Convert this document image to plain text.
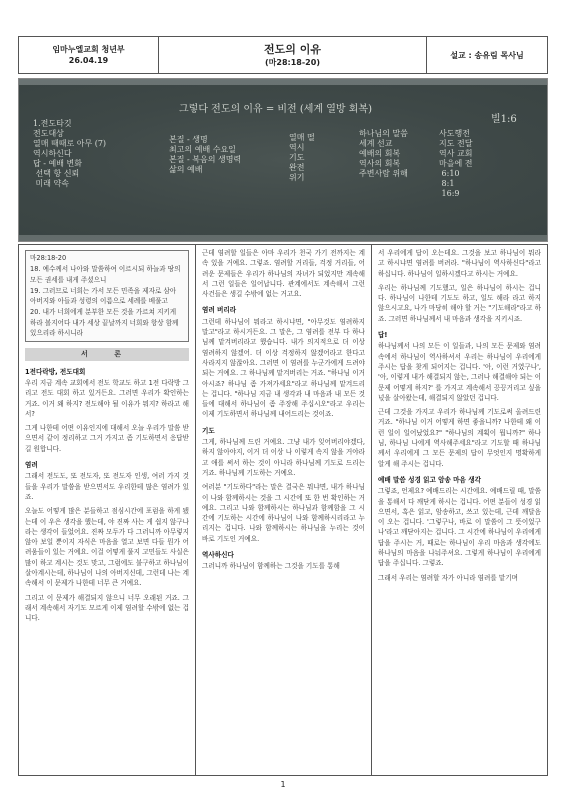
임마누엘교회 청년부
26.04.19
전도의 이유
(마28:18-20)
설교 : 송유림 목사님
그렇다 전도의 이유 = 비전 (세계 열방 회복)
1.전도타깃
전도대상
열매 때때로 아무 (7)
역시하신다
답 - 예배 변화
선택 항 신뢰
미래 약속
본질 - 생명
최고의 예배 수요일
본질 - 복음의 생명력
삶의 예배
열매 떨
역시
기도
완전
위기
하나님의 말씀
세계 선교
예배의 회복
역사의 회복
주변사람 위해
사도행전
지도 전달
역사 교회
마을에 전
6:10
8:1
16:9
빌1:6

마28:18-20

18. 예수께서 나아와 말씀하여 이르시되 하늘과 땅의 모든 권세를 내게 주셨으니

19. 그러므로 너희는 가서 모든 민족을 제자로 삼아 아버지와 아들과 성령의 이름으로 세례를 베풀고

20. 내가 너희에게 분부한 모든 것을 가르쳐 지키게 하라 볼지어다 내가 세상 끝날까지 너희와 항상 함께 있으리라 하시니라

서 론
1전다락방, 전도대회

우리 지금 계속 교회에서 전도 학교도 하고 1전 다락방 그리고 전도 대회 하고 있거든요. 그러면 우리가 확인하는 거죠. 이거 왜 하지? 전도해야 될 이유가 뭐지? 하라고 해서?

그게 나한테 어떤 이유인지에 대해서 오늘 우리가 말씀 받으면서 같이 정리하고 그거 가지고 좀 기도하면서 응답받길 원합니다.

염려

그래서 전도도, 또 전도자, 또 전도자 인생, 여러 가지 것들을 우리가 말씀을 받으면서도 우리한테 많은 염려가 있죠.

오늘도 어떻게 많은 분들하고 점심시간에 포럼을 하게 됐는데 이 우은 생각을 했는데, 야 진짜 사는 게 쉽지 않구나라는 생각이 들었어요. 진짜 모두가 다 그러니까 아무렇지 않아 보일 뿐이지 자식은 마음을 열고 보면 다들 뭔가 어려움들이 있는 거예요. 이걸 어떻게 풀지 고민들도 사실은 많이 하고 계시는 것도 맞고, 그럼에도 불구하고 하나님이 살아계시는데, 하나님이 나의 아버지신데, 그런데 나는 계속해서 이 문제가 나한테 너무 큰 거예요.

그리고 이 문제가 해결되지 않으니 너무 오래된 거죠. 그래서 계속해서 자기도 모르게 이제 염려할 수밖에 없는 겁니다.

근데 염려할 일들은 아마 우리가 천국 가기 전까지는 계속 있을 거예요. 그렇죠. 염려할 거리들, 걱정 거리들, 어려운 문제들은 우리가 하나님의 자녀가 되었지만 계속해서 그런 일들은 일어납니다. 관계에서도 계속해서 그런 사건들은 생길 수밖에 없는 거고요.

염려 버리라

그런데 하나님이 뭐라고 하시냐면, "아무것도 염려하지 말고"라고 하시거든요. 그 말은, 그 염려를 전부 다 하나님께 맡겨버리라고 했습니다. 내가 의지적으로 더 이상 염려하지 않겠어. 더 이상 걱정하지 않겠어라고 한다고 사라지지 않잖아요. 그러면 이 염려를 누군가에게 드려야 되는 거예요. 그 하나님께 맡겨버리는 거죠. "하나님 이거 아시죠? 하나님 좀 가져가세요"라고 하나님께 맡겨드리는 겁니다. "하나님 지금 내 생각과 내 마음과 내 모든 것들에 대해서 하나님이 좀 주장해 주십시오"라고 우리는 이제 기도하면서 하나님께 내어드리는 것이죠.

기도

그게, 하나님께 드린 거예요. 그냥 내가 잊어버리야겠다, 하지 않아야지, 이거 더 이상 나 이렇게 속지 않을 거야라고 애를 써서 하는 것이 아니라 하나님께 기도로 드리는 거죠. 하나님께 기도하는 거예요.

여러분 "기도하다"라는 말은 결국은 뭐냐면, 내가 하나님이 나와 함께하시는 것을 그 시간에 또 한 번 확인하는 거예요. 그리고 나와 함께하시는 하나님과 함께함을 그 시간에 기도하는 시간에 하나님이 나와 함께하시리라고 누리지는 겁니다. 나와 함께하시는 하나님을 누리는 것이 바로 기도인 거예요.

역사하신다

그러니까 하나님이 함께하는 그것을 기도를 통해

서 우리에게 답이 오는데요. 그것을 보고 하나님이 뭐라고 하시냐면 염려를 버려라. "하나님이 역사하신다"라고 하십니다. 하나님이 일하시겠다고 하시는 거예요.

우리는 하나님께 기도했고, 일은 하나님이 하시는 겁니다. 하나님이 나한테 기도도 하고, 일도 해라 라고 하지 않으시고요, 나가 마당히 해야 할 거는 "기도해라"라고 하죠. 그러면 하나님께서 내 마음과 생각을 지키시죠.

답!

하나님께서 나의 모든 이 일들과, 나의 모든 문제와 염려 속에서 하나님이 역사하셔서 우리는 하나님이 우리에게 주시는 답을 찾게 되어지는 겁니다. '아, 이런 거였구나', '아, 이렇게 내가 해결되지 않는, 그러나 해결해야 되는 이 문제 어떻게 하지?' 를 가지고 계속해서 끙끙거리고 싶을 넋을 살아왔는데, 해결되지 않았던 겁니다.

근데 그것을 가지고 우리가 하나님께 기도로써 올려드린 거죠. "하나님 이거 어떻게 하면 좋을니까? 나한테 왜 이런 일이 일어났었요?" "하나님의 계획이 뭡니까?" 하나님, 하나님 나에게 역사해주세요"라고 기도할 때 하나님께서 우리에게 그 모든 문제의 답이 무엇인지 명확하게 알게 해 주시는 겁니다.

예배 말씀 성경 읽고 암송 마음 생각

그렇죠, 언제요? 예배드리는 시간에요. 예배드릴 때, 말씀을 통해서 다 깨닫게 하시는 겁니다. 어떤 분들이 성경 읽으면서, 혹은 읽고, 암송하고, 쓰고 있는데, 근데 깨달음이 오는 겁니다. '그렇구나, 바로 이 말씀이 그 뜻이었구나'라고 깨닫아지는 겁니다. 그 시간에 하나님이 우리에게 답을 주시는 거, 때로는 하나님이 우리 마음과 생각에도 하나님의 마음을 나눠주셔요. 그렇게 하나님이 우리에게 답을 주십니다. 그렇죠.

그래서 우리는 염려할 자가 아니라 염려를 맡기며

1
